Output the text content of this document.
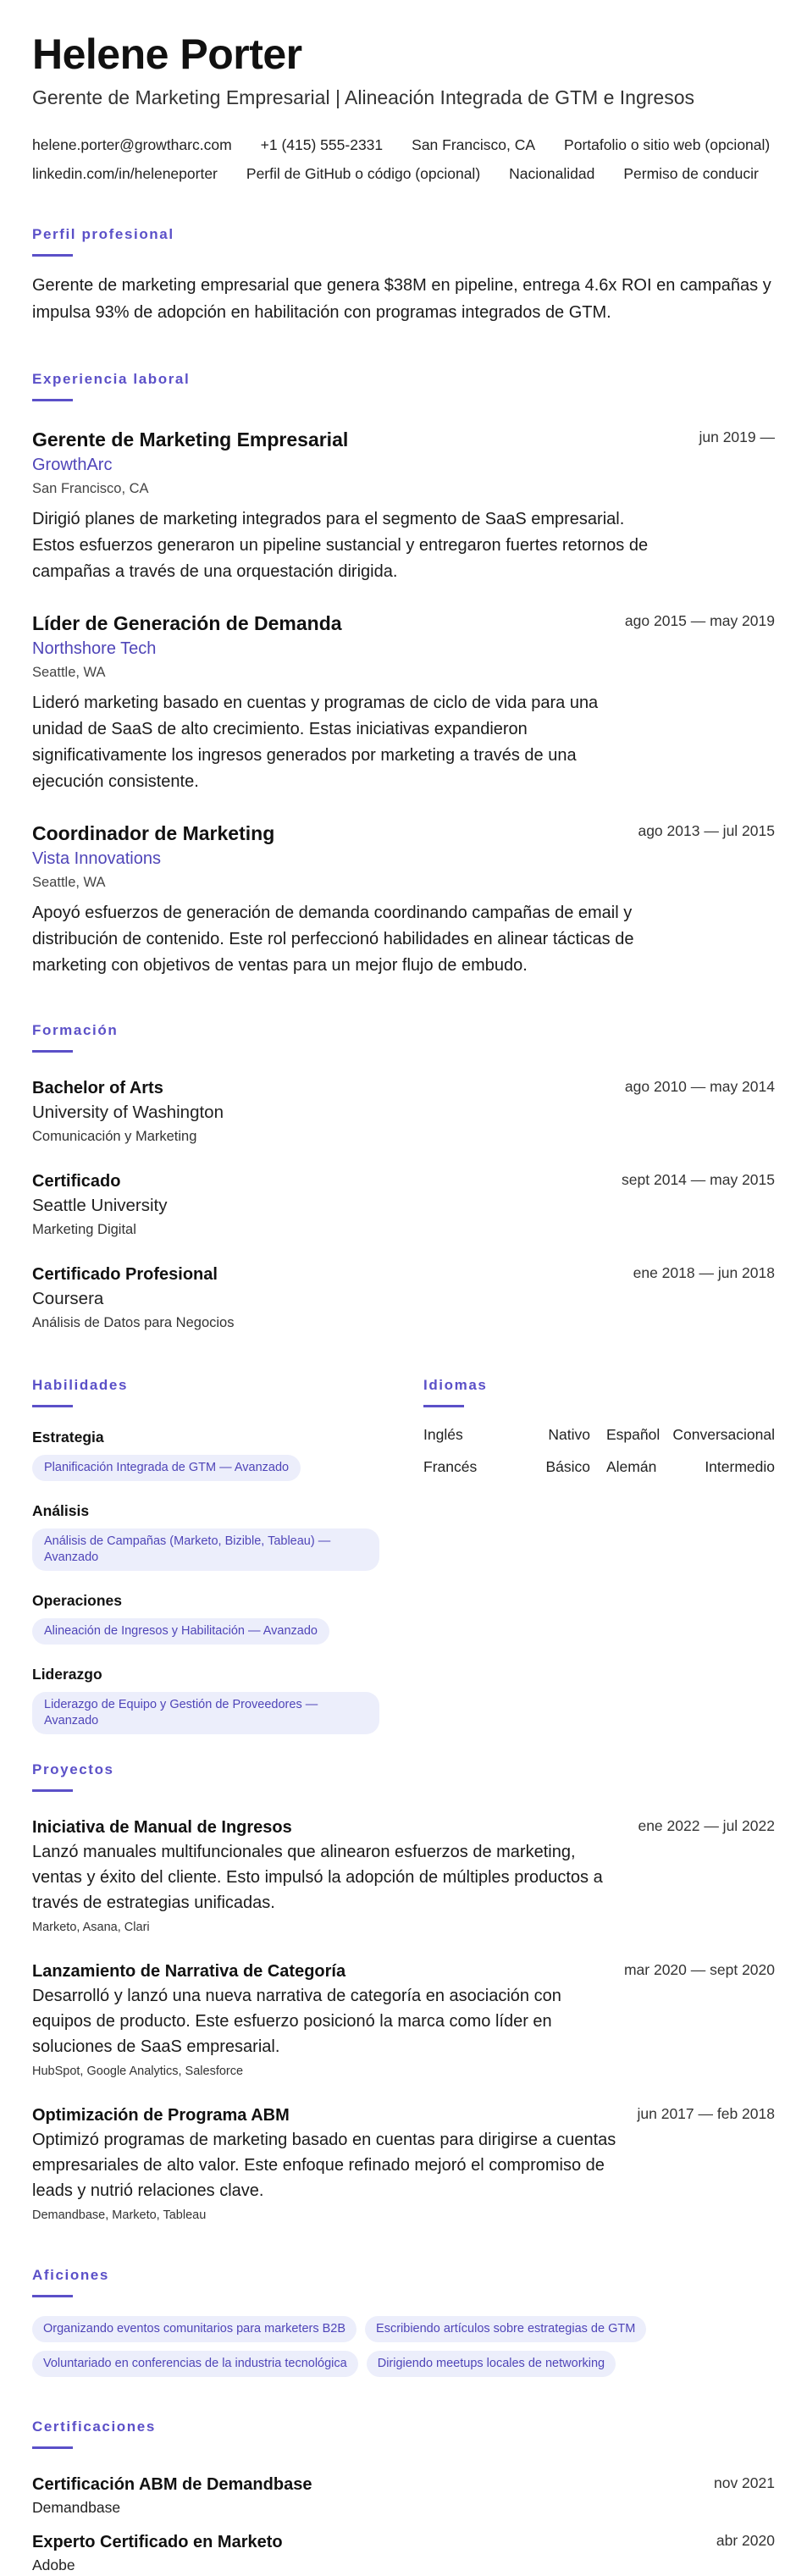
Helene Porter
Gerente de Marketing Empresarial | Alineación Integrada de GTM e Ingresos
helene.porter@growtharc.com +1 (415) 555-2331 San Francisco, CA Portafolio o sitio web (opcional)
linkedin.com/in/heleneporter Perfil de GitHub o código (opcional) Nacionalidad Permiso de conducir
Perfil profesional
Gerente de marketing empresarial que genera $38M en pipeline, entrega 4.6x ROI en campañas y impulsa 93% de adopción en habilitación con programas integrados de GTM.
Experiencia laboral
jun 2019 —
Gerente de Marketing Empresarial
GrowthArc
San Francisco, CA
Dirigió planes de marketing integrados para el segmento de SaaS empresarial. Estos esfuerzos generaron un pipeline sustancial y entregaron fuertes retornos de campañas a través de una orquestación dirigida.
ago 2015 — may 2019
Líder de Generación de Demanda
Northshore Tech
Seattle, WA
Lideró marketing basado en cuentas y programas de ciclo de vida para una unidad de SaaS de alto crecimiento. Estas iniciativas expandieron significativamente los ingresos generados por marketing a través de una ejecución consistente.
ago 2013 — jul 2015
Coordinador de Marketing
Vista Innovations
Seattle, WA
Apoyó esfuerzos de generación de demanda coordinando campañas de email y distribución de contenido. Este rol perfeccionó habilidades en alinear tácticas de marketing con objetivos de ventas para un mejor flujo de embudo.
Formación
ago 2010 — may 2014
Bachelor of Arts
University of Washington
Comunicación y Marketing
sept 2014 — may 2015
Certificado
Seattle University
Marketing Digital
ene 2018 — jun 2018
Certificado Profesional
Coursera
Análisis de Datos para Negocios
Habilidades
Estrategia
Planificación Integrada de GTM — Avanzado
Análisis
Análisis de Campañas (Marketo, Bizible, Tableau) — Avanzado
Operaciones
Alineación de Ingresos y Habilitación — Avanzado
Liderazgo
Liderazgo de Equipo y Gestión de Proveedores — Avanzado
Idiomas
Inglés	Nativo Español Conversacional
Francés	Básico Alemán	Intermedio
Proyectos
ene 2022 — jul 2022
Iniciativa de Manual de Ingresos
Lanzó manuales multifuncionales que alinearon esfuerzos de marketing, ventas y éxito del cliente. Esto impulsó la adopción de múltiples productos a través de estrategias unificadas.
Marketo, Asana, Clari
mar 2020 — sept 2020
Lanzamiento de Narrativa de Categoría
Desarrolló y lanzó una nueva narrativa de categoría en asociación con equipos de producto. Este esfuerzo posicionó la marca como líder en soluciones de SaaS empresarial.
HubSpot, Google Analytics, Salesforce
jun 2017 — feb 2018
Optimización de Programa ABM
Optimizó programas de marketing basado en cuentas para dirigirse a cuentas empresariales de alto valor. Este enfoque refinado mejoró el compromiso de leads y nutrió relaciones clave.
Demandbase, Marketo, Tableau
Aficiones
Organizando eventos comunitarios para marketers B2B Escribiendo artículos sobre estrategias de GTM
Voluntariado en conferencias de la industria tecnológica Dirigiendo meetups locales de networking
Certificaciones
nov 2021
Certificación ABM de Demandbase
Demandbase
abr 2020
Experto Certificado en Marketo
Adobe
